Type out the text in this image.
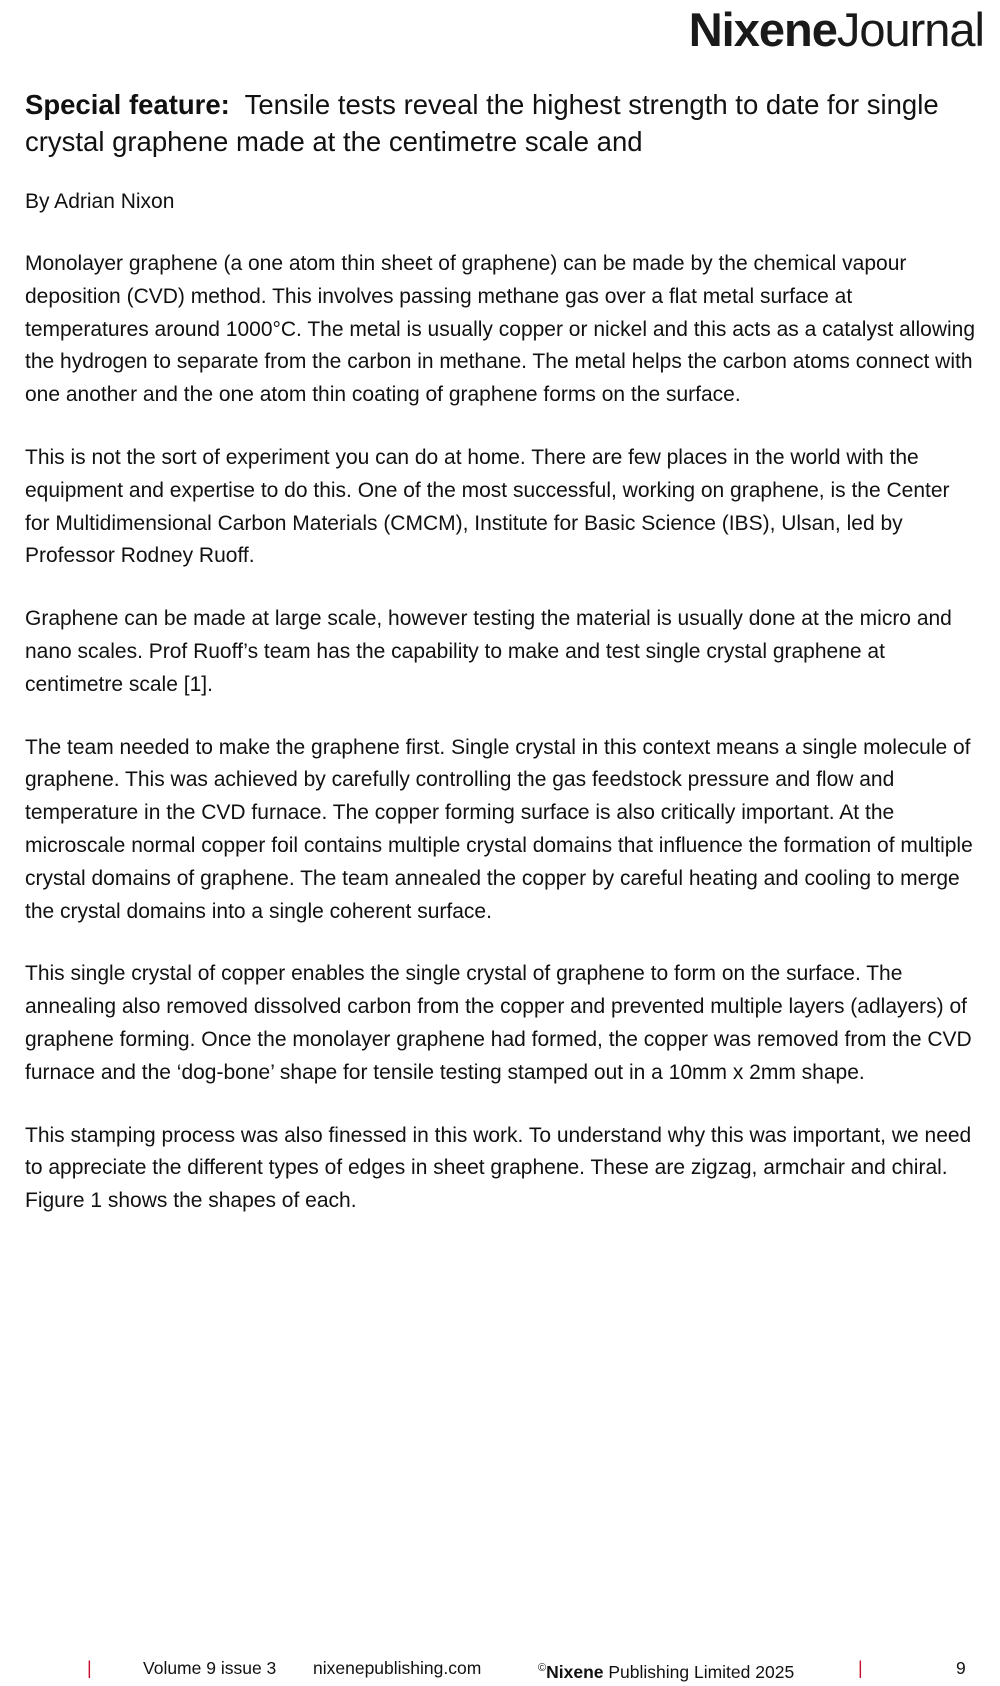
NixeneJournal
Special feature: Tensile tests reveal the highest strength to date for single crystal graphene made at the centimetre scale and

By Adrian Nixon

Monolayer graphene (a one atom thin sheet of graphene) can be made by the chemical vapour deposition (CVD) method. This involves passing methane gas over a flat metal surface at temperatures around 1000°C. The metal is usually copper or nickel and this acts as a catalyst allowing the hydrogen to separate from the carbon in methane. The metal helps the carbon atoms connect with one another and the one atom thin coating of graphene forms on the surface.

This is not the sort of experiment you can do at home. There are few places in the world with the equipment and expertise to do this. One of the most successful, working on graphene, is the Center for Multidimensional Carbon Materials (CMCM), Institute for Basic Science (IBS), Ulsan, led by Professor Rodney Ruoff.

Graphene can be made at large scale, however testing the material is usually done at the micro and nano scales. Prof Ruoff’s team has the capability to make and test single crystal graphene at centimetre scale [1].

The team needed to make the graphene first. Single crystal in this context means a single molecule of graphene. This was achieved by carefully controlling the gas feedstock pressure and flow and temperature in the CVD furnace. The copper forming surface is also critically important. At the microscale normal copper foil contains multiple crystal domains that influence the formation of multiple crystal domains of graphene. The team annealed the copper by careful heating and cooling to merge the crystal domains into a single coherent surface.

This single crystal of copper enables the single crystal of graphene to form on the surface. The annealing also removed dissolved carbon from the copper and prevented multiple layers (adlayers) of graphene forming. Once the monolayer graphene had formed, the copper was removed from the CVD furnace and the ‘dog-bone’ shape for tensile testing stamped out in a 10mm x 2mm shape.

This stamping process was also finessed in this work. To understand why this was important, we need to appreciate the different types of edges in sheet graphene. These are zigzag, armchair and chiral. Figure 1 shows the shapes of each.

|	Volume 9 issue 3 nixenepublishing.com	©Nixene Publishing Limited 2025	|	9
